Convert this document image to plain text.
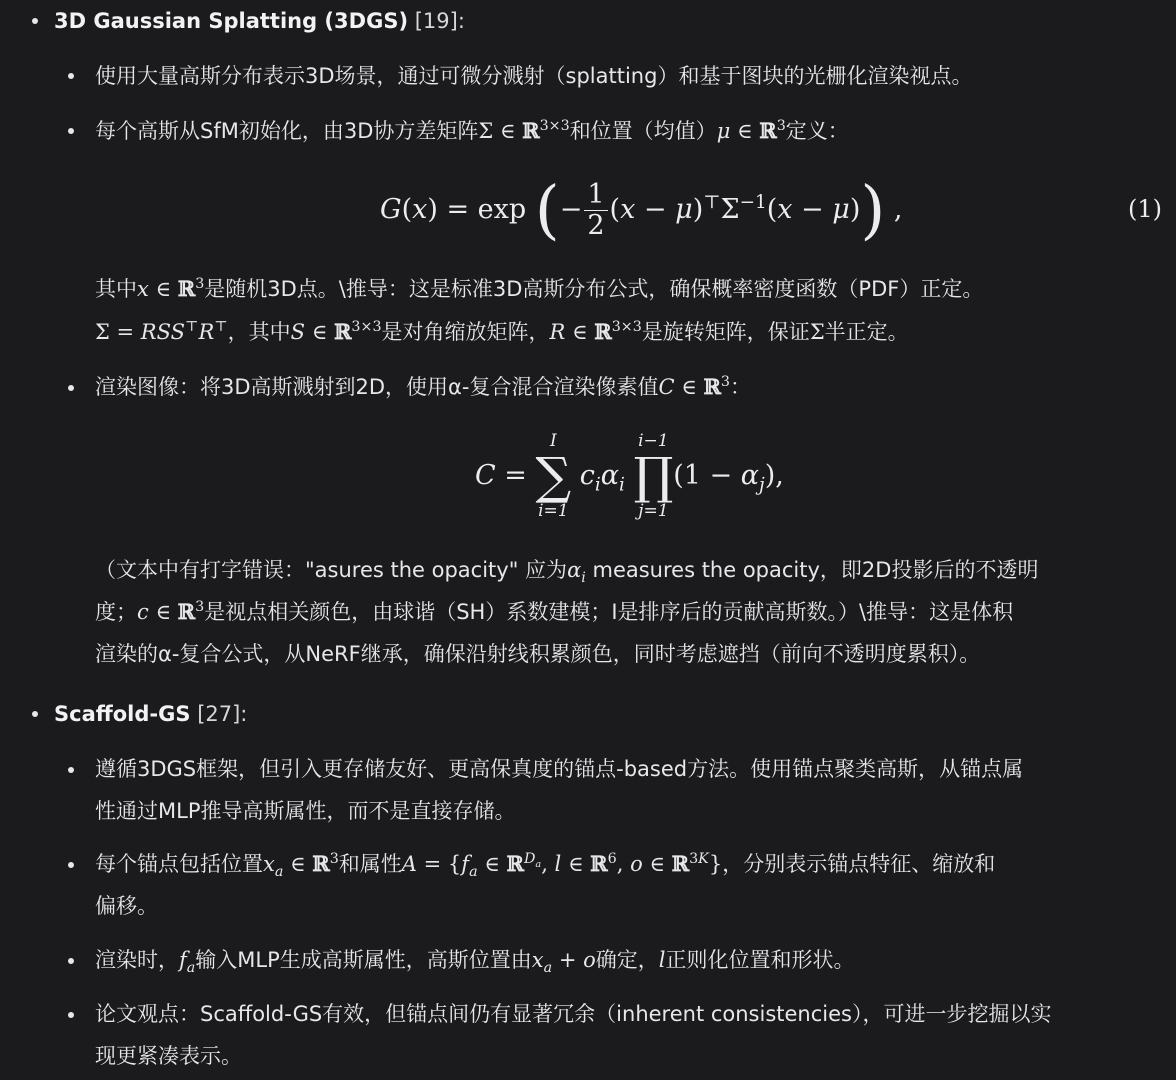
3D Gaussian Splatting (3DGS) [19]:
使用大量高斯分布表示3D场景，通过可微分溅射（splatting）和基于图块的光栅化渲染视点。
每个高斯从SfM初始化，由3D协方差矩阵Σ ∈ ℝ$^{3\times 3}$和位置（均值）μ ∈ ℝ$^3$定义：
G(x) = exp (− $\frac{1}{2} (x - \mu)^⊤\Sigma^{-1}(x - \mu)$) ,	(1)
其中x ∈ ℝ$^3$是随机3D点。\推导：这是标准3D高斯分布公式，确保概率密度函数（PDF）正定。
Σ = RSS⊤R⊤，其中S ∈ ℝ$^{3\times 3}$是对角缩放矩阵，R ∈ ℝ$^{3\times 3}$是旋转矩阵，保证Σ半正定。
渲染图像：将3D高斯溅射到2D，使用α-复合混合渲染像素值C ∈ ℝ$^3$：
C =
I
∑
i=1
$c_i\alpha_i$
i−1
∏
j=1
$(1 - \alpha_j)$,
（文本中有打字错误："asures the opacity" 应为$\alpha_i$ measures the opacity，即2D投影后的不透明
度；c ∈ ℝ$^3$是视点相关颜色，由球谐（SH）系数建模；I是排序后的贡献高斯数。）\推导：这是体积
渲染的α-复合公式，从NeRF继承，确保沿射线积累颜色，同时考虑遮挡（前向不透明度累积）。
Scaffold-GS [27]:
遵循3DGS框架，但引入更存储友好、更高保真度的锚点-based方法。使用锚点聚类高斯，从锚点属
性通过MLP推导高斯属性，而不是直接存储。
每个锚点包括位置$x_a$ ∈ ℝ$^3$和属性$A = \{f_a$ ∈ ℝ$^{D_a}$, l ∈ ℝ$^6$, o ∈ ℝ$^{3K}$}，分别表示锚点特征、缩放和
偏移。
渲染时，$f_a$输入MLP生成高斯属性，高斯位置由$x_a + o$确定，l正则化位置和形状。
论文观点：Scaffold-GS有效，但锚点间仍有显著冗余（inherent consistencies），可进一步挖掘以实
现更紧凑表示。
